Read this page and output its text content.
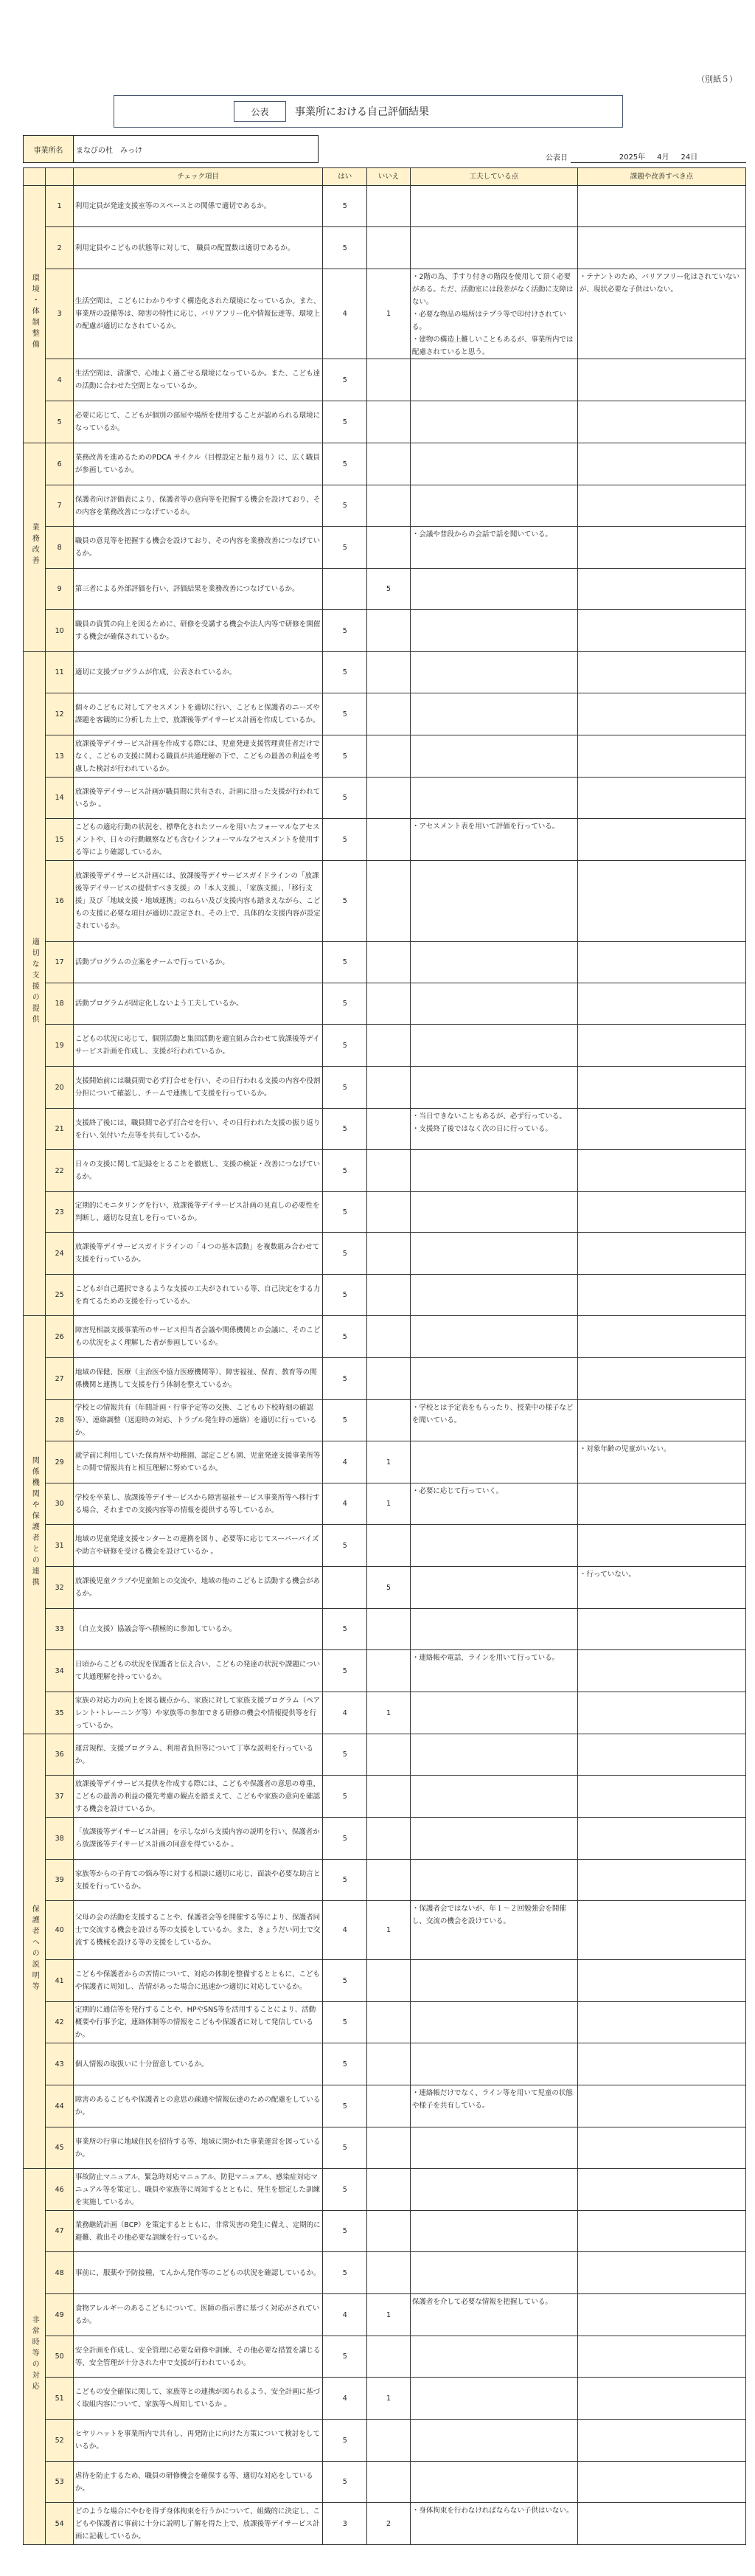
（別紙５）
公表	事業所における自己評価結果
事業所名	まなびの杜　みっけ
公表日	2025年 4月 24日
		チェック項目	はい	いいえ	工夫している点	課題や改善すべき点
環境・体制整備	1	利用定員が発達支援室等のスペースとの関係で適切であるか。	5			
	2	利用定員やこどもの状態等に対して、 職員の配置数は適切であるか。	5			
	3	生活空間は、こどもにわかりやすく構造化された環境になっているか。また、事業所の設備等は、障害の特性に応じ、バリアフリー化や情報伝達等、環境上の配慮が適切になされているか。	4	1	・2階の為、手すり付きの階段を使用して頂く必要がある。ただ、活動室には段差がなく活動に支障はない。
・必要な物品の場所はテプラ等で印付けされている。
・建物の構造上難しいこともあるが、事業所内では配慮されていると思う。	・テナントのため、バリアフリー化はされていないが、現状必要な子供はいない。
	4	生活空間は、清潔で、心地よく過ごせる環境になっているか。また、こども達の活動に合わせた空間となっているか。	5			
	5	必要に応じて、こどもが個別の部屋や場所を使用することが認められる環境になっているか。	5			
業務改善	6	業務改善を進めるためのPDCA サイクル（目標設定と振り返り）に、広く職員が参画しているか。	5			
	7	保護者向け評価表により、保護者等の意向等を把握する機会を設けており、その内容を業務改善につなげているか。	5			
	8	職員の意見等を把握する機会を設けており、その内容を業務改善につなげているか。	5		・会議や普段からの会話で話を聞いている。	
	9	第三者による外部評価を行い、評価結果を業務改善につなげているか。		5		
	10	職員の資質の向上を図るために、研修を受講する機会や法人内等で研修を開催する機会が確保されているか。	5			
適切な支援の提供	11	適切に支援プログラムが作成、公表されているか。	5			
	12	個々のこどもに対してアセスメントを適切に行い、こどもと保護者のニーズや課題を客観的に分析した上で、放課後等デイサービス計画を作成しているか。	5			
	13	放課後等デイサービス計画を作成する際には、児童発達支援管理責任者だけでなく、こどもの支援に関わる職員が共通理解の下で、こどもの最善の利益を考慮した検討が行われているか。	5			
	14	放課後等デイサービス計画が職員間に共有され、計画に沿った支援が行われているか 。	5			
	15	こどもの適応行動の状況を、標準化されたツールを用いたフォーマルなアセスメントや、日々の行動観察なども含むインフォーマルなアセスメントを使用する等により確認しているか。	5		・アセスメント表を用いて評価を行っている。	
	16	放課後等デイサービス計画には、放課後等デイサービスガイドラインの「放課後等デイサービスの提供すべき支援」の「本人支援」、「家族支援」、「移行支援」及び「地域支援・地域連携」のねらい及び支援内容も踏まえながら、こどもの支援に必要な項目が適切に設定され、その上で、具体的な支援内容が設定されているか。	5			
	17	活動プログラムの立案をチームで行っているか。	5			
	18	活動プログラムが固定化しないよう工夫しているか。	5			
	19	こどもの状況に応じて、個別活動と集団活動を適宜組み合わせて放課後等デイサービス計画を作成し、支援が行われているか。	5			
	20	支援開始前には職員間で必ず打合せを行い、その日行われる支援の内容や役割分担について確認し、チームで連携して支援を行っているか。	5			
	21	支援終了後には、職員間で必ず打合せを行い、その日行われた支援の振り返りを行い､気付いた点等を共有しているか。	5		・当日できないこともあるが、必ず行っている。
・支援終了後ではなく次の日に行っている。	
	22	日々の支援に関して記録をとることを徹底し、支援の検証・改善につなげているか。	5			
	23	定期的にモニタリングを行い、放課後等デイサービス計画の見直しの必要性を判断し、適切な見直しを行っているか。	5			
	24	放課後等デイサービスガイドラインの「４つの基本活動」を複数組み合わせて支援を行っているか。	5			
	25	こどもが自己選択できるような支援の工夫がされている等、自己決定をする力を育てるための支援を行っているか。	5			
関係機関や保護者との連携	26	障害児相談支援事業所のサービス担当者会議や関係機関との会議に、そのこどもの状況をよく理解した者が参画しているか。	5			
	27	地域の保健、医療（主治医や協力医療機関等）、障害福祉、保育、教育等の関係機関と連携して支援を行う体制を整えているか。	5			
	28	学校との情報共有（年間計画・行事予定等の交換、こどもの下校時刻の確認等）、連絡調整（送迎時の対応、トラブル発生時の連絡）を適切に行っているか。	5		・学校とは予定表をもらったり、授業中の様子などを聞いている。	
	29	就学前に利用していた保育所や幼稚園、認定こども園、児童発達支援事業所等との間で情報共有と相互理解に努めているか。	4	1		・対象年齢の児童がいない。
	30	学校を卒業し、放課後等デイサービスから障害福祉サービス事業所等へ移行する場合、それまでの支援内容等の情報を提供する等しているか。	4	1	・必要に応じて行っていく。	
	31	地域の児童発達支援センターとの連携を図り、必要等に応じてスーパーバイズや助言や研修を受ける機会を設けているか 。	5			
	32	放課後児童クラブや児童館との交流や、地域の他のこどもと活動する機会があるか。		5		・行っていない。
	33	（自立支援）協議会等へ積極的に参加しているか。	5			
	34	日頃からこどもの状況を保護者と伝え合い、こどもの発達の状況や課題について共通理解を持っているか。	5		・連絡帳や電話、ラインを用いて行っている。	
	35	家族の対応力の向上を図る観点から、家族に対して家族支援プログラム（ペアレント･トレーニング等）や家族等の参加できる研修の機会や情報提供等を行っているか。	4	1		
保護者への説明等	36	運営規程、支援プログラム、利用者負担等について丁寧な説明を行っているか。	5			
	37	放課後等デイサービス提供を作成する際には、こどもや保護者の意思の尊重、こどもの最善の利益の優先考慮の観点を踏まえて、こどもや家族の意向を確認する機会を設けているか。	5			
	38	「放課後等デイサービス計画」を示しながら支援内容の説明を行い、保護者から放課後等デイサービス計画の同意を得ているか 。	5			
	39	家族等からの子育ての悩み等に対する相談に適切に応じ、面談や必要な助言と支援を行っているか。	5			
	40	父母の会の活動を支援することや、保護者会等を開催する等により、保護者同士で交流する機会を設ける等の支援をしているか。また、きょうだい同士で交流する機械を設ける等の支援をしているか。	4	1	・保護者会ではないが、年１～２回勉強会を開催し、交流の機会を設けている。	
	41	こどもや保護者からの苦情について、対応の体制を整備するとともに、こどもや保護者に周知し、苦情があった場合に迅速かつ適切に対応しているか。	5			
	42	定期的に通信等を発行することや、HPやSNS等を活用することにより、活動概要や行事予定、連絡体制等の情報をこどもや保護者に対して発信しているか。	5			
	43	個人情報の取扱いに十分留意しているか。	5			
	44	障害のあるこどもや保護者との意思の疎通や情報伝達のための配慮をしているか。	5		・連絡帳だけでなく、ライン等を用いて児童の状態や様子を共有している。	
	45	事業所の行事に地域住民を招待する等、地域に開かれた事業運営を図っているか。	5			
非常時等の対応	46	事故防止マニュアル、緊急時対応マニュアル、防犯マニュアル、感染症対応マニュアル等を策定し、職員や家族等に周知するとともに、発生を想定した訓練を実施しているか。	5			
	47	業務継続計画（BCP）を策定するとともに、非常災害の発生に備え、定期的に避難、救出その他必要な訓練を行っているか。	5			
	48	事前に、服薬や予防接種、てんかん発作等のこどもの状況を確認しているか。	5			
	49	食物アレルギーのあるこどもについて、医師の指示書に基づく対応がされているか。	4	1	保護者を介して必要な情報を把握している。	
	50	安全計画を作成し、安全管理に必要な研修や訓練、その他必要な措置を講じる等、安全管理が十分された中で支援が行われているか。	5			
	51	こどもの安全確保に関して、家族等との連携が図られるよう、安全計画に基づく取組内容について、家族等へ周知しているか 。	4	1		
	52	ヒヤリハットを事業所内で共有し、再発防止に向けた方策について検討をしているか。	5			
	53	虐待を防止するため、職員の研修機会を確保する等、適切な対応をしているか。	5			
	54	どのような場合にやむを得ず身体拘束を行うかについて、組織的に決定し、こどもや保護者に事前に十分に説明し了解を得た上で、放課後等デイサービス計画に記載しているか。	3	2	・身体拘束を行わなければならない子供はいない。	
